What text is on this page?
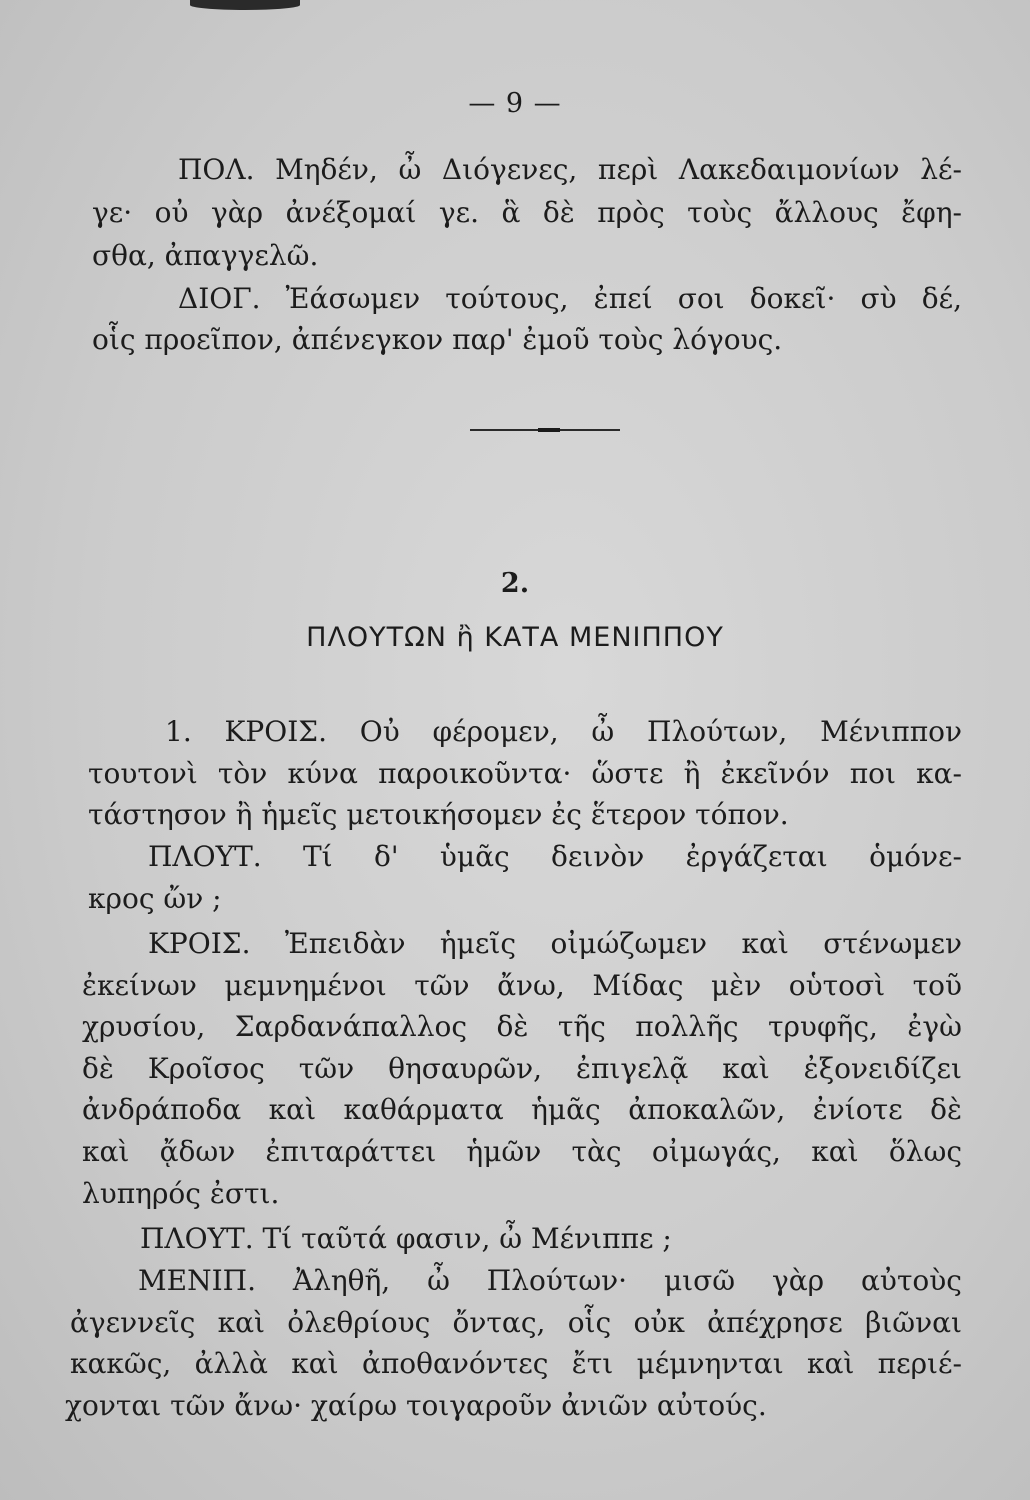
— 9 —
ΠΟΛ. Μηδέν, ὦ Διόγενες, περὶ Λακεδαιμονίων λέ-
γε· οὐ γὰρ ἀνέξομαί γε. ἃ δὲ πρὸς τοὺς ἄλλους ἔφη-
σθα, ἀπαγγελῶ.
ΔΙΟΓ. Ἐάσωμεν τούτους, ἐπεί σοι δοκεῖ· σὺ δέ,
οἷς προεῖπον, ἀπένεγκον παρ' ἐμοῦ τοὺς λόγους.
2.
ΠΛΟΥΤΩΝ ἢ ΚΑΤΑ ΜΕΝΙΠΠΟΥ
1. ΚΡΟΙΣ. Οὐ φέρομεν, ὦ Πλούτων, Μένιππον
τουτονὶ τὸν κύνα παροικοῦντα· ὥστε ἢ ἐκεῖνόν ποι κα-
τάστησον ἢ ἡμεῖς μετοικήσομεν ἐς ἕτερον τόπον.
ΠΛΟΥΤ. Τί δ' ὑμᾶς δεινὸν ἐργάζεται ὁμόνε-
κρος ὤν ;
ΚΡΟΙΣ. Ἐπειδὰν ἡμεῖς οἰμώζωμεν καὶ στένωμεν
ἐκείνων μεμνημένοι τῶν ἄνω, Μίδας μὲν οὑτοσὶ τοῦ
χρυσίου, Σαρδανάπαλλος δὲ τῆς πολλῆς τρυφῆς, ἐγὼ
δὲ Κροῖσος τῶν θησαυρῶν, ἐπιγελᾷ καὶ ἐξονειδίζει
ἀνδράποδα καὶ καθάρματα ἡμᾶς ἀποκαλῶν, ἐνίοτε δὲ
καὶ ᾄδων ἐπιταράττει ἡμῶν τὰς οἰμωγάς, καὶ ὅλως
λυπηρός ἐστι.
ΠΛΟΥΤ. Τί ταῦτά φασιν, ὦ Μένιππε ;
ΜΕΝΙΠ. Ἀληθῆ, ὦ Πλούτων· μισῶ γὰρ αὐτοὺς
ἀγεννεῖς καὶ ὀλεθρίους ὄντας, οἷς οὐκ ἀπέχρησε βιῶναι
κακῶς, ἀλλὰ καὶ ἀποθανόντες ἔτι μέμνηνται καὶ περιέ-
χονται τῶν ἄνω· χαίρω τοιγαροῦν ἀνιῶν αὐτούς.
